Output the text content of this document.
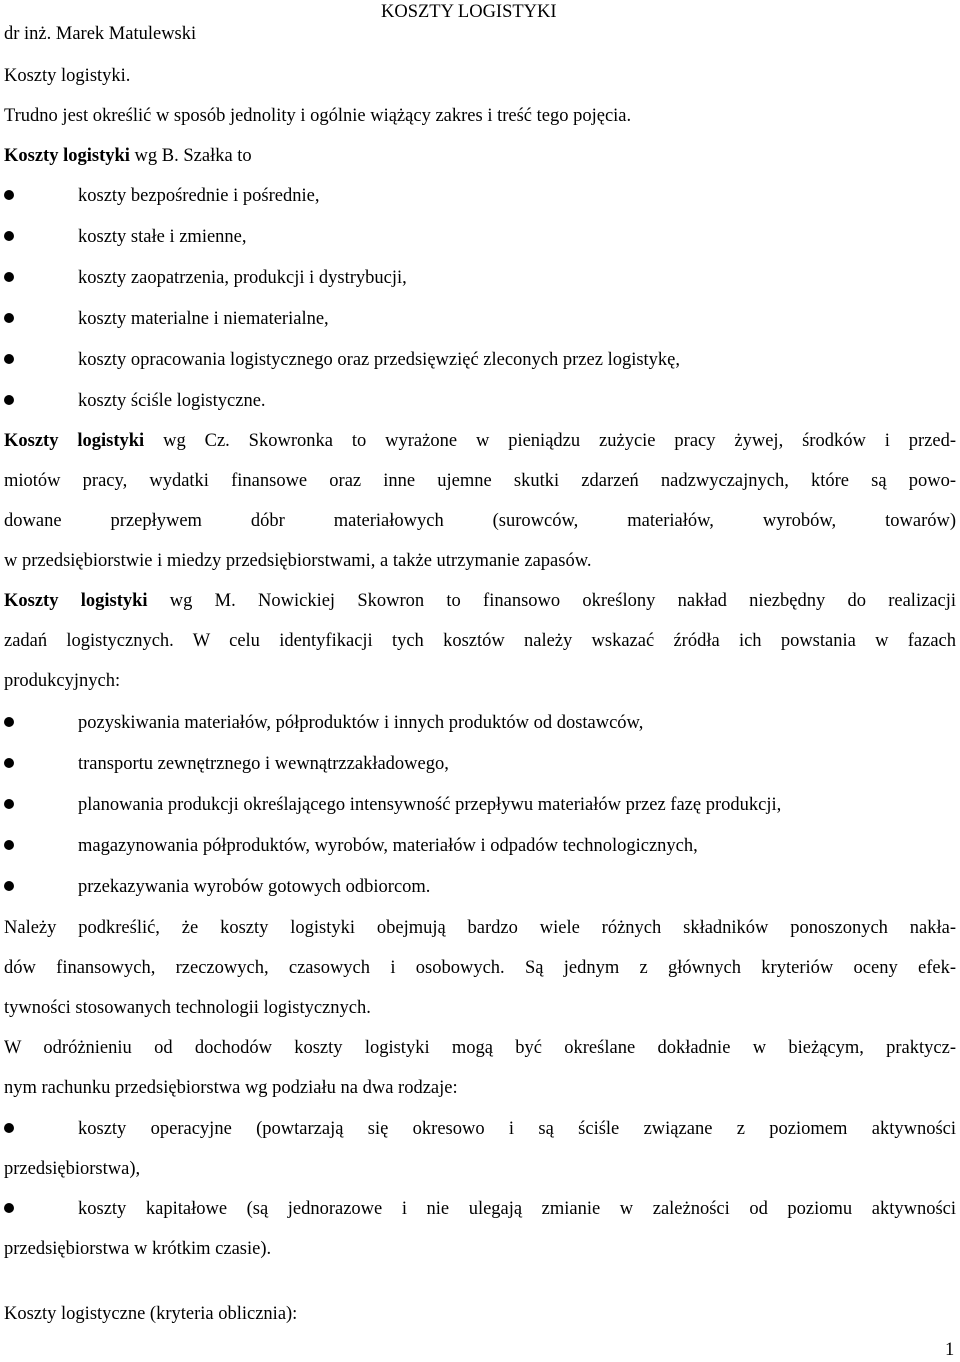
KOSZTY LOGISTYKI
dr inż. Marek Matulewski
Koszty logistyki.
Trudno jest określić w sposób jednolity i ogólnie wiążący zakres i treść tego pojęcia.
Koszty logistyki wg B. Szałka to
koszty bezpośrednie i pośrednie,
koszty stałe i zmienne,
koszty zaopatrzenia, produkcji i dystrybucji,
koszty materialne i niematerialne,
koszty opracowania logistycznego oraz przedsięwzięć zleconych przez logistykę,
koszty ściśle logistyczne.
Koszty logistyki wg Cz. Skowronka to wyrażone w pieniądzu zużycie pracy żywej, środków i przed-
miotów pracy, wydatki finansowe oraz inne ujemne skutki zdarzeń nadzwyczajnych, które są powo-
dowane przepływem dóbr materiałowych (surowców, materiałów, wyrobów, towarów)
w przedsiębiorstwie i miedzy przedsiębiorstwami, a także utrzymanie zapasów.
Koszty logistyki wg M. Nowickiej Skowron to finansowo określony nakład niezbędny do realizacji
zadań logistycznych. W celu identyfikacji tych kosztów należy wskazać źródła ich powstania w fazach
produkcyjnych:
pozyskiwania materiałów, półproduktów i innych produktów od dostawców,
transportu zewnętrznego i wewnątrzzakładowego,
planowania produkcji określającego intensywność przepływu materiałów przez fazę produkcji,
magazynowania półproduktów, wyrobów, materiałów i odpadów technologicznych,
przekazywania wyrobów gotowych odbiorcom.
Należy podkreślić, że koszty logistyki obejmują bardzo wiele różnych składników ponoszonych nakła-
dów finansowych, rzeczowych, czasowych i osobowych. Są jednym z głównych kryteriów oceny efek-
tywności stosowanych technologii logistycznych.
W odróżnieniu od dochodów koszty logistyki mogą być określane dokładnie w bieżącym, praktycz-
nym rachunku przedsiębiorstwa wg podziału na dwa rodzaje:
koszty operacyjne (powtarzają się okresowo i są ściśle związane z poziomem aktywności
przedsiębiorstwa),
koszty kapitałowe (są jednorazowe i nie ulegają zmianie w zależności od poziomu aktywności
przedsiębiorstwa w krótkim czasie).
Koszty logistyczne (kryteria oblicznia):
1
